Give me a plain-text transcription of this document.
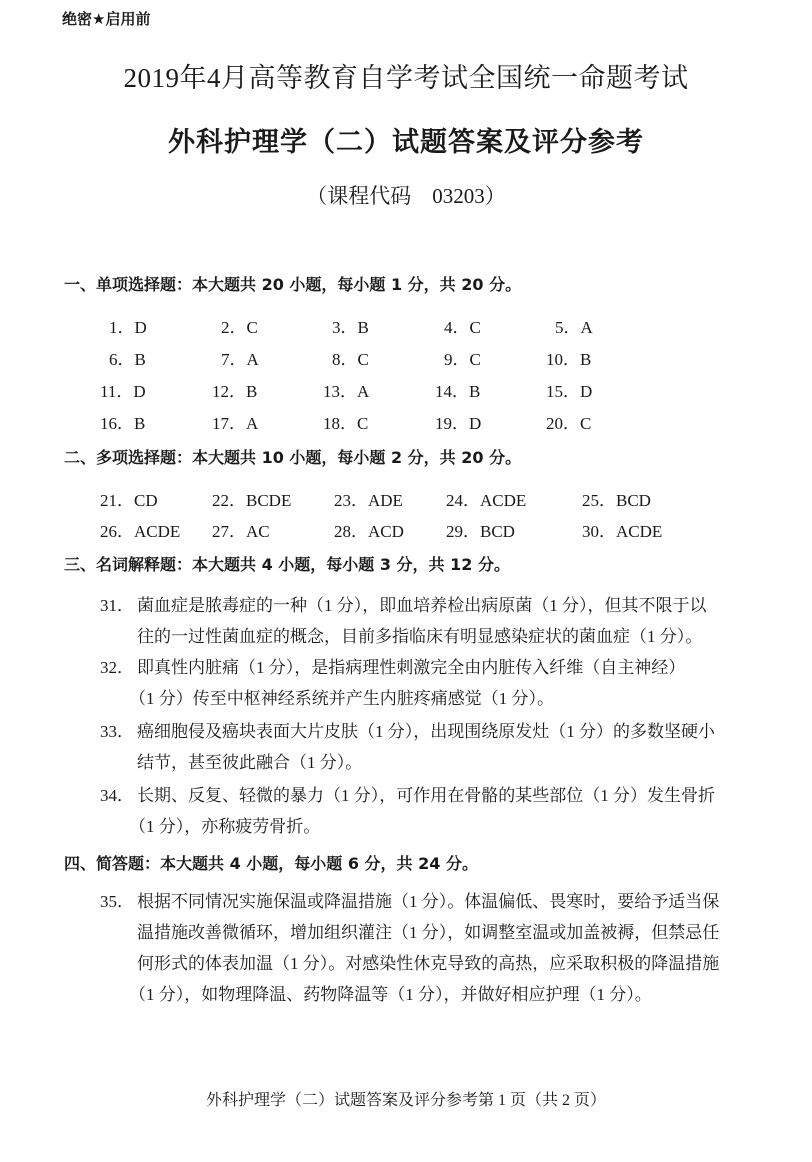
绝密★启用前
2019年4月高等教育自学考试全国统一命题考试
外科护理学（二）试题答案及评分参考
（课程代码　03203）
一、单项选择题：本大题共 20 小题，每小题 1 分，共 20 分。
1．D	2．C	3．B	4．C	5．A
6．B	7．A	8．C	9．C	10．B
11．D	12．B	13．A	14．B	15．D
16．B	17．A	18．C	19．D	20．C
二、多项选择题：本大题共 10 小题，每小题 2 分，共 20 分。
21．CD	22．BCDE	23．ADE	24．ACDE	25．BCD
26．ACDE 27．AC	28．ACD 29．BCD	30．ACDE
三、名词解释题：本大题共 4 小题，每小题 3 分，共 12 分。
31． 菌血症是脓毒症的一种（1 分），即血培养检出病原菌（1 分），但其不限于以
往的一过性菌血症的概念，目前多指临床有明显感染症状的菌血症（1 分）。
32． 即真性内脏痛（1 分），是指病理性刺激完全由内脏传入纤维（自主神经）
（1 分）传至中枢神经系统并产生内脏疼痛感觉（1 分）。
33． 癌细胞侵及癌块表面大片皮肤（1 分），出现围绕原发灶（1 分）的多数坚硬小
结节，甚至彼此融合（1 分）。
34． 长期、反复、轻微的暴力（1 分），可作用在骨骼的某些部位（1 分）发生骨折
（1 分），亦称疲劳骨折。
四、简答题：本大题共 4 小题，每小题 6 分，共 24 分。
35． 根据不同情况实施保温或降温措施（1 分）。体温偏低、畏寒时，要给予适当保
温措施改善微循环，增加组织灌注（1 分），如调整室温或加盖被褥，但禁忌任
何形式的体表加温（1 分）。对感染性休克导致的高热，应采取积极的降温措施
（1 分），如物理降温、药物降温等（1 分），并做好相应护理（1 分）。
外科护理学（二）试题答案及评分参考第 1 页（共 2 页）
